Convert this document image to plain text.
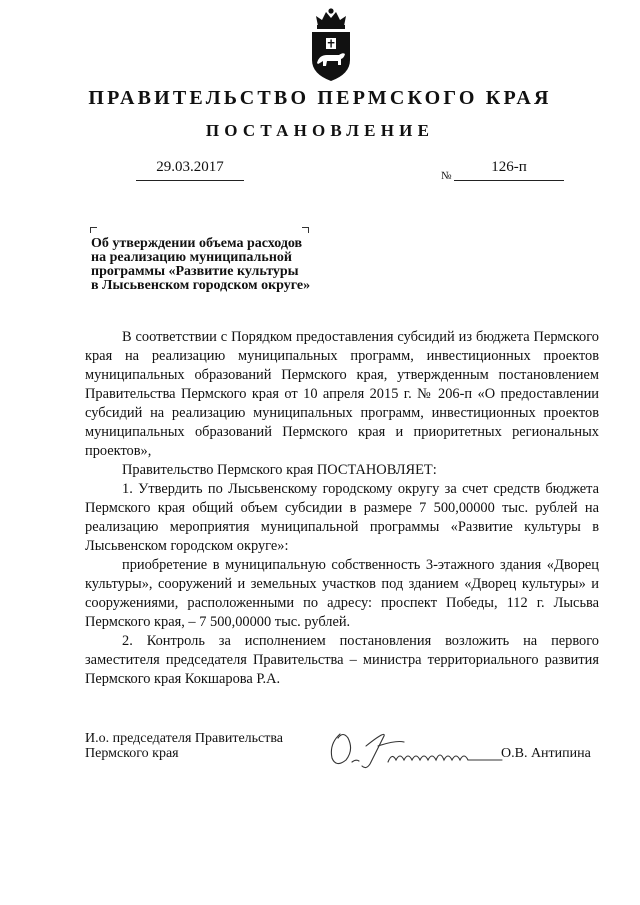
ПРАВИТЕЛЬСТВО ПЕРМСКОГО КРАЯ
ПОСТАНОВЛЕНИЕ
29.03.2017
№
126-п
Об утверждении объема расходов
на реализацию муниципальной
программы «Развитие культуры
в Лысьвенском городском округе»

В соответствии с Порядком предоставления субсидий из бюджета Пермского края на реализацию муниципальных программ, инвестиционных проектов муниципальных образований Пермского края, утвержденным постановлением Правительства Пермского края от 10 апреля 2015 г. № 206-п «О предоставлении субсидий на реализацию муниципальных программ, инвестиционных проектов муниципальных образований Пермского края и приоритетных региональных проектов»,

Правительство Пермского края ПОСТАНОВЛЯЕТ:

1. Утвердить по Лысьвенскому городскому округу за счет средств бюджета Пермского края общий объем субсидии в размере 7 500,00000 тыс. рублей на реализацию мероприятия муниципальной программы «Развитие культуры в Лысьвенском городском округе»:

приобретение в муниципальную собственность 3-этажного здания «Дворец культуры», сооружений и земельных участков под зданием «Дворец культуры» и сооружениями, расположенными по адресу: проспект Победы, 112 г. Лысьва Пермского края, – 7 500,00000 тыс. рублей.

2. Контроль за исполнением постановления возложить на первого заместителя председателя Правительства – министра территориального развития Пермского края Кокшарова Р.А.

И.о. председателя Правительства
Пермского края	О.В. Антипина
